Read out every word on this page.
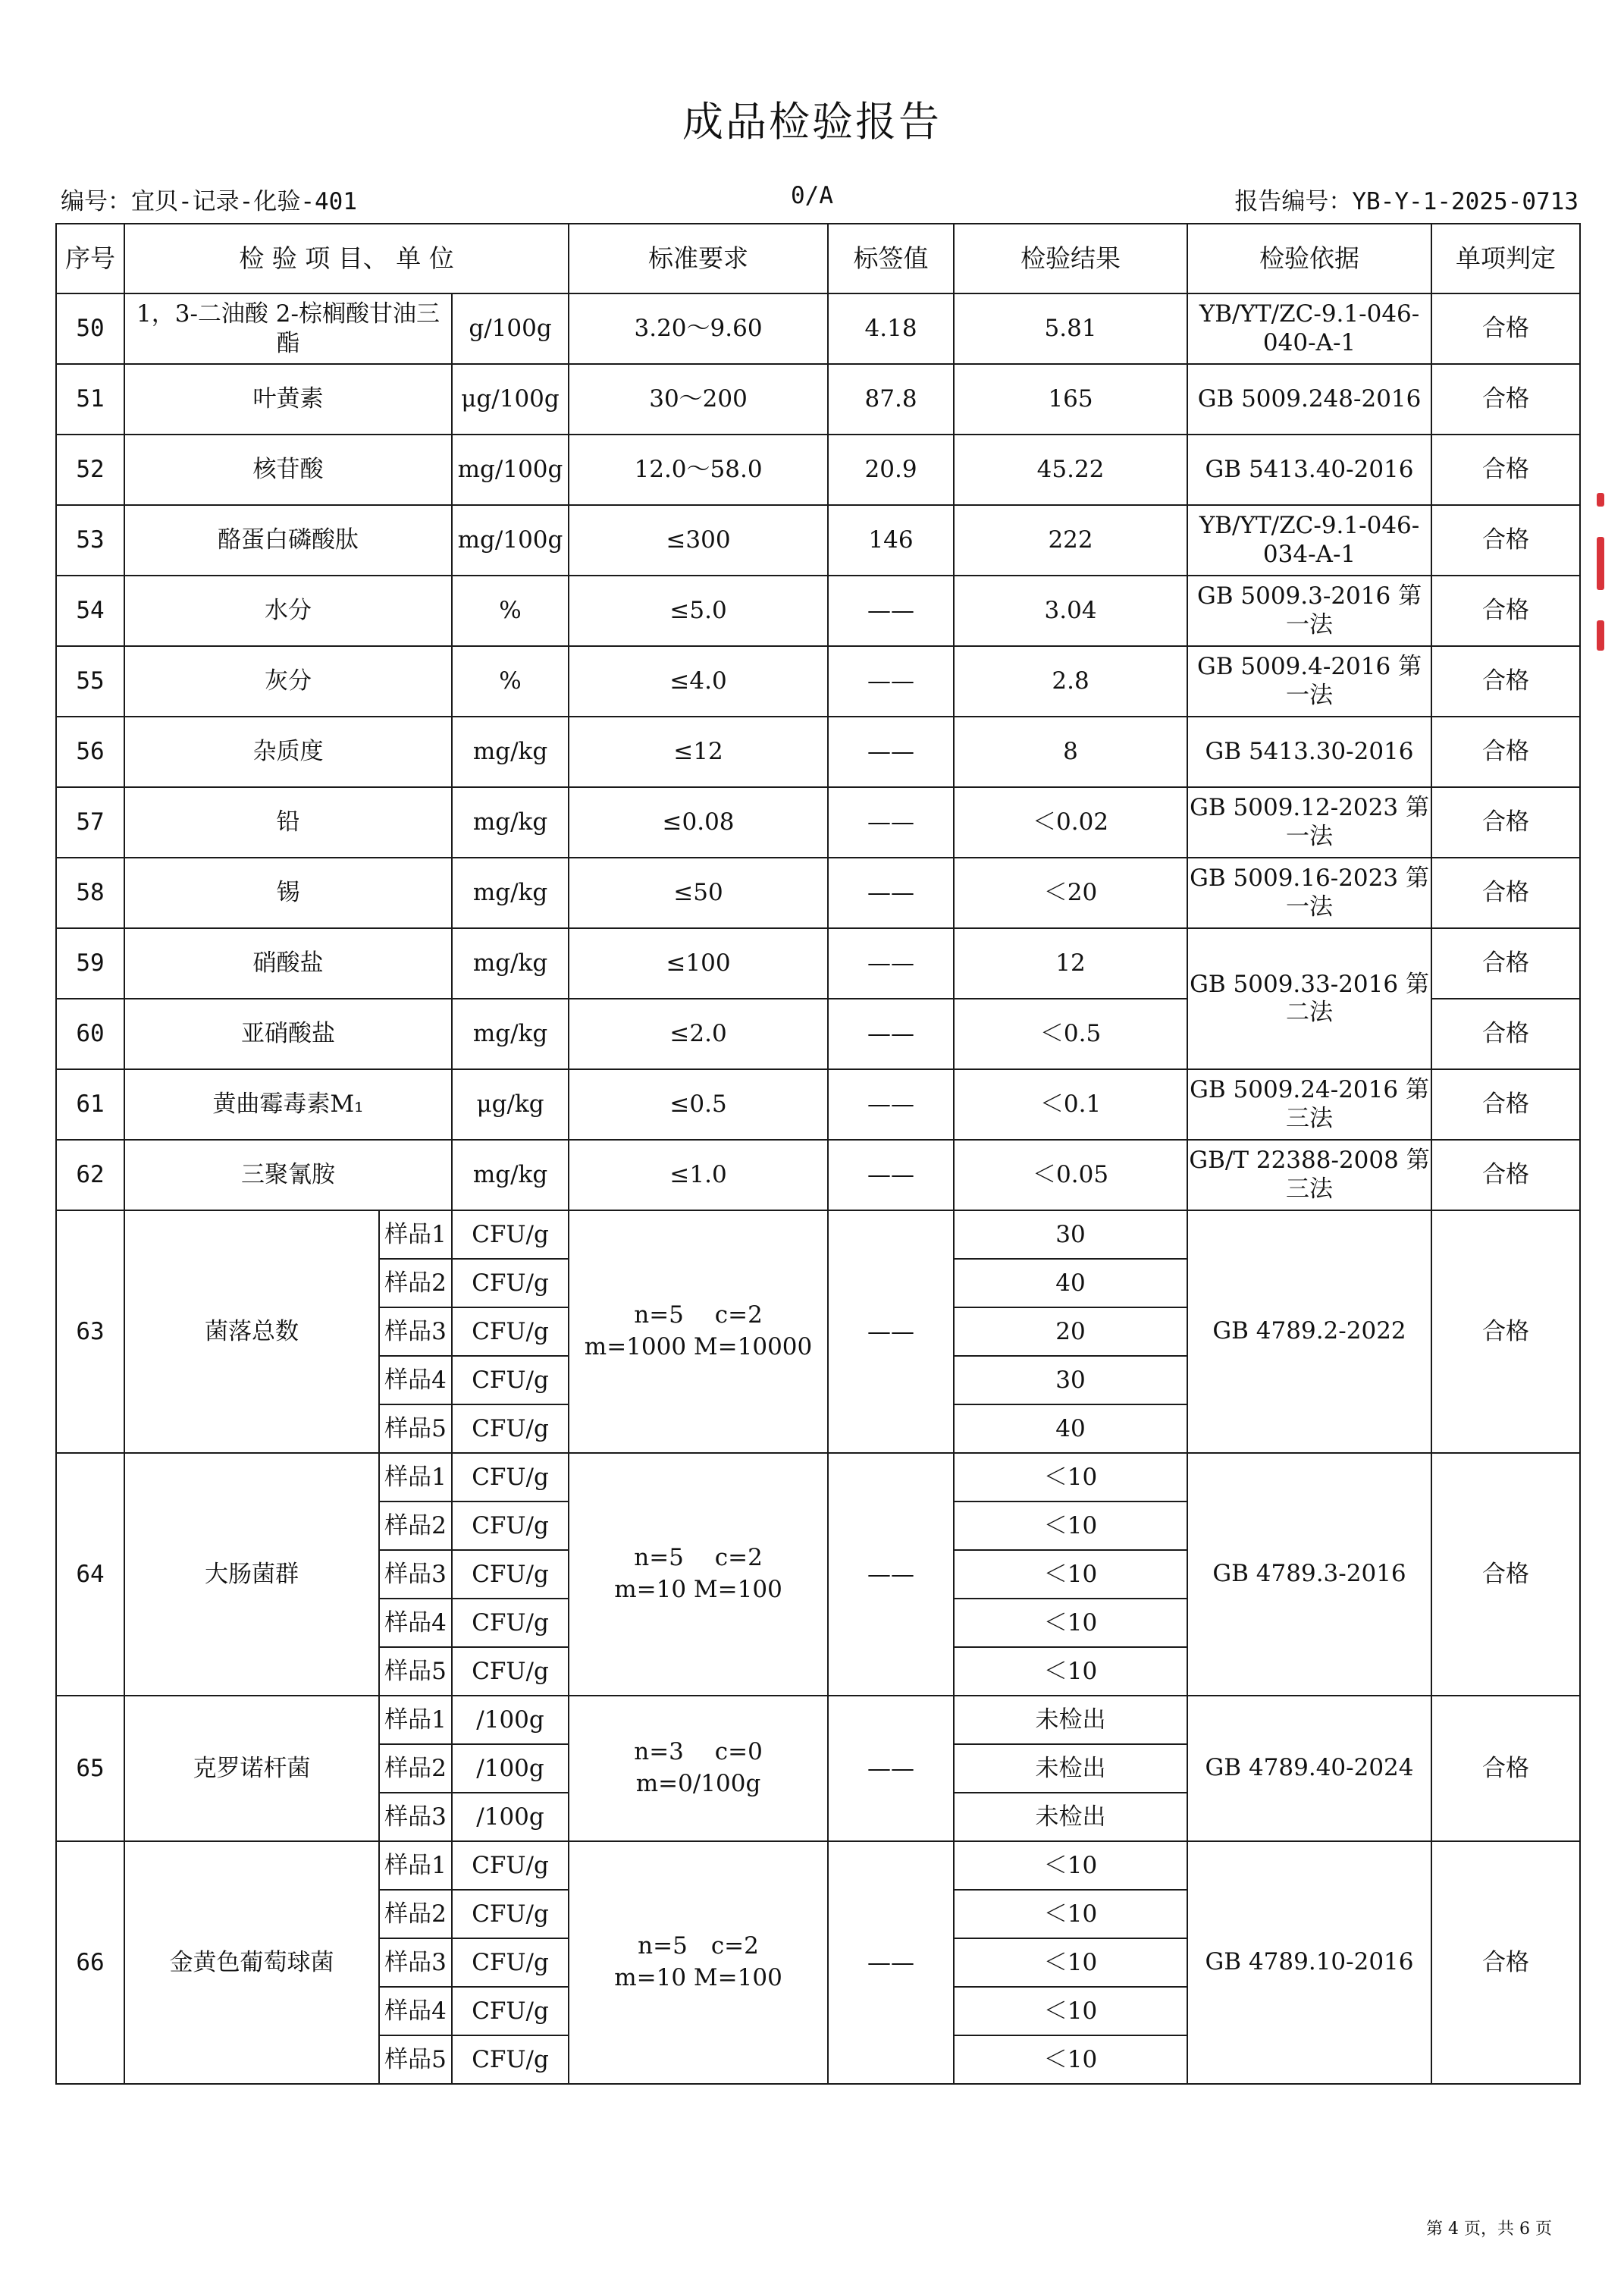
成品检验报告
编号：宜贝-记录-化验-401	0/A	报告编号：YB-Y-1-2025-0713
序号	检 验 项 目、 单 位			标准要求	标签值	检验结果	检验依据	单项判定
50	1，3-二油酸 2-棕榈酸甘油三酯		g/100g	3.20～9.60	4.18	5.81	YB/YT/ZC-9.1-046-040-A-1	合格
51	叶黄素		μg/100g	30～200	87.8	165	GB 5009.248-2016	合格
52	核苷酸		mg/100g	12.0～58.0	20.9	45.22	GB 5413.40-2016	合格
53	酪蛋白磷酸肽		mg/100g	≤300	146	222	YB/YT/ZC-9.1-046-034-A-1	合格
54	水分		%	≤5.0	——	3.04	GB 5009.3-2016 第一法	合格
55	灰分		%	≤4.0	——	2.8	GB 5009.4-2016 第一法	合格
56	杂质度		mg/kg	≤12	——	8	GB 5413.30-2016	合格
57	铅		mg/kg	≤0.08	——	＜0.02	GB 5009.12-2023 第一法	合格
58	锡		mg/kg	≤50	——	＜20	GB 5009.16-2023 第一法	合格
59	硝酸盐		mg/kg	≤100	——	12	GB 5009.33-2016 第二法	合格
60	亚硝酸盐		mg/kg	≤2.0	——	＜0.5		合格
61	黄曲霉毒素M₁		μg/kg	≤0.5	——	＜0.1	GB 5009.24-2016 第三法	合格
62	三聚氰胺		mg/kg	≤1.0	——	＜0.05	GB/T 22388-2008 第三法	合格
63	菌落总数	样品1	CFU/g	n=5　 c=2
m=1000 M=10000	——	30	GB 4789.2-2022	合格
		样品2	CFU/g			40		
		样品3	CFU/g			20		
		样品4	CFU/g			30		
		样品5	CFU/g			40		
64	大肠菌群	样品1	CFU/g	n=5　 c=2
m=10 M=100	——	＜10	GB 4789.3-2016	合格
		样品2	CFU/g			＜10		
		样品3	CFU/g			＜10		
		样品4	CFU/g			＜10		
		样品5	CFU/g			＜10		
65	克罗诺杆菌	样品1	/100g	n=3　 c=0
m=0/100g	——	未检出	GB 4789.40-2024	合格
		样品2	/100g			未检出		
		样品3	/100g			未检出		
66	金黄色葡萄球菌	样品1	CFU/g	n=5　c=2
m=10 M=100	——	＜10	GB 4789.10-2016	合格
		样品2	CFU/g			＜10		
		样品3	CFU/g			＜10		
		样品4	CFU/g			＜10		
		样品5	CFU/g			＜10		
第 4 页，共 6 页
